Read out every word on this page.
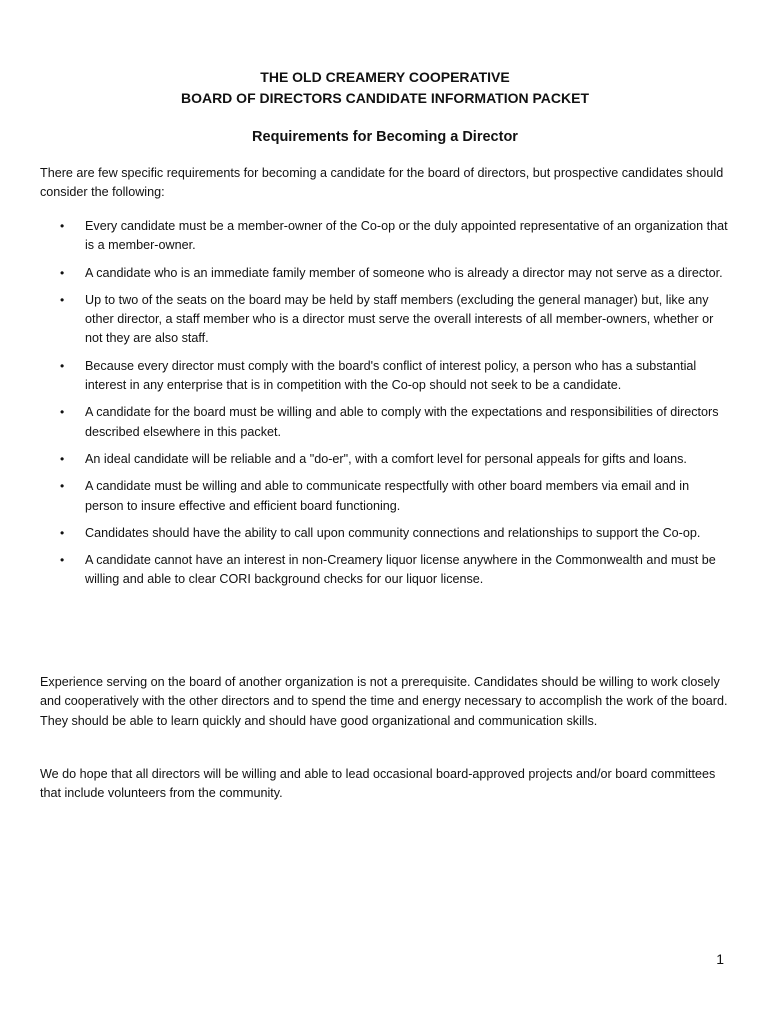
THE OLD CREAMERY COOPERATIVE

BOARD OF DIRECTORS CANDIDATE INFORMATION PACKET

Requirements for Becoming a Director

There are few specific requirements for becoming a candidate for the board of directors, but prospective candidates should consider the following:

• Every candidate must be a member-owner of the Co-op or the duly appointed representative of an organization that is a member-owner.
• A candidate who is an immediate family member of someone who is already a director may not serve as a director.
• Up to two of the seats on the board may be held by staff members (excluding the general manager) but, like any other director, a staff member who is a director must serve the overall interests of all member-owners, whether or not they are also staff.
• Because every director must comply with the board's conflict of interest policy, a person who has a substantial interest in any enterprise that is in competition with the Co-op should not seek to be a candidate.
• A candidate for the board must be willing and able to comply with the expectations and responsibilities of directors described elsewhere in this packet.
• An ideal candidate will be reliable and a "do-er", with a comfort level for personal appeals for gifts and loans.
• A candidate must be willing and able to communicate respectfully with other board members via email and in person to insure effective and efficient board functioning.
• Candidates should have the ability to call upon community connections and relationships to support the Co-op.
• A candidate cannot have an interest in non-Creamery liquor license anywhere in the Commonwealth and must be willing and able to clear CORI background checks for our liquor license.

Experience serving on the board of another organization is not a prerequisite. Candidates should be willing to work closely and cooperatively with the other directors and to spend the time and energy necessary to accomplish the work of the board. They should be able to learn quickly and should have good organizational and communication skills.

We do hope that all directors will be willing and able to lead occasional board-approved projects and/or board committees that include volunteers from the community.

1
